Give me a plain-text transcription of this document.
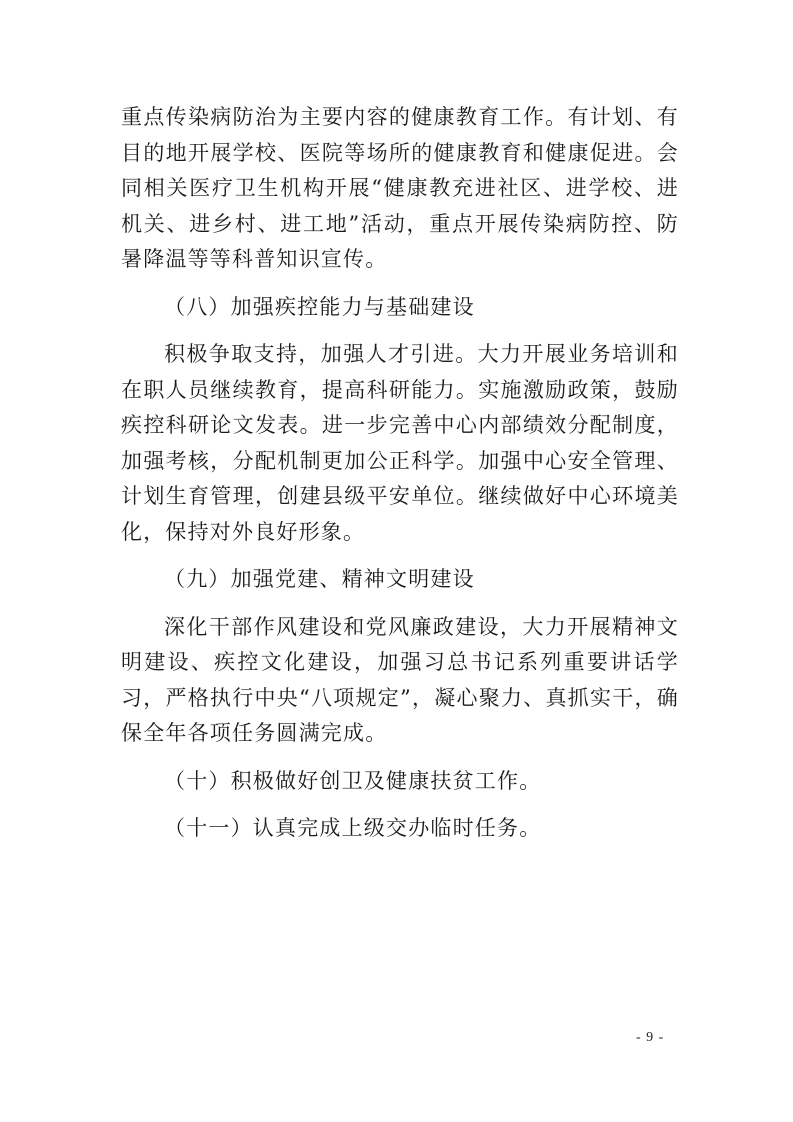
重点传染病防治为主要内容的健康教育工作。有计划、有目的地开展学校、医院等场所的健康教育和健康促进。会同相关医疗卫生机构开展“健康教充进社区、进学校、进机关、进乡村、进工地”活动，重点开展传染病防控、防暑降温等等科普知识宣传。

（八）加强疾控能力与基础建设

积极争取支持，加强人才引进。大力开展业务培训和在职人员继续教育，提高科研能力。实施激励政策，鼓励疾控科研论文发表。进一步完善中心内部绩效分配制度，加强考核，分配机制更加公正科学。加强中心安全管理、计划生育管理，创建县级平安单位。继续做好中心环境美化，保持对外良好形象。

（九）加强党建、精神文明建设

深化干部作风建设和党风廉政建设，大力开展精神文明建设、疾控文化建设，加强习总书记系列重要讲话学习，严格执行中央“八项规定”，凝心聚力、真抓实干，确保全年各项任务圆满完成。

（十）积极做好创卫及健康扶贫工作。

（十一）认真完成上级交办临时任务。

- 9 -
